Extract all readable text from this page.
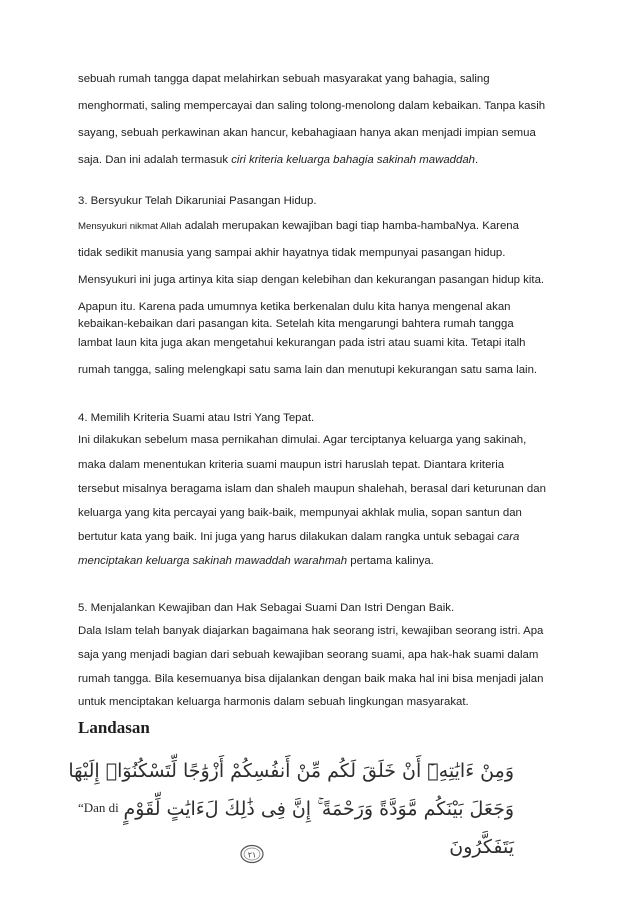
sebuah rumah tangga dapat melahirkan sebuah masyarakat yang bahagia, saling
menghormati, saling mempercayai dan saling tolong-menolong dalam kebaikan. Tanpa kasih
sayang, sebuah perkawinan akan hancur, kebahagiaan hanya akan menjadi impian semua
saja. Dan ini adalah termasuk ciri kriteria keluarga bahagia sakinah mawaddah.
3. Bersyukur Telah Dikaruniai Pasangan Hidup.
Mensyukuri nikmat Allah adalah merupakan kewajiban bagi tiap hamba-hambaNya. Karena
tidak sedikit manusia yang sampai akhir hayatnya tidak mempunyai pasangan hidup.
Mensyukuri ini juga artinya kita siap dengan kelebihan dan kekurangan pasangan hidup kita.
Apapun itu. Karena pada umumnya ketika berkenalan dulu kita hanya mengenal akan
kebaikan-kebaikan dari pasangan kita. Setelah kita mengarungi bahtera rumah tangga
lambat laun kita juga akan mengetahui kekurangan pada istri atau suami kita. Tetapi italh
rumah tangga, saling melengkapi satu sama lain dan menutupi kekurangan satu sama lain.
4. Memilih Kriteria Suami atau Istri Yang Tepat.
Ini dilakukan sebelum masa pernikahan dimulai. Agar terciptanya keluarga yang sakinah,
maka dalam menentukan kriteria suami maupun istri haruslah tepat. Diantara kriteria
tersebut misalnya beragama islam dan shaleh maupun shalehah, berasal dari keturunan dan
keluarga yang kita percayai yang baik-baik, mempunyai akhlak mulia, sopan santun dan
bertutur kata yang baik. Ini juga yang harus dilakukan dalam rangka untuk sebagai cara
menciptakan keluarga sakinah mawaddah warahmah pertama kalinya.
5. Menjalankan Kewajiban dan Hak Sebagai Suami Dan Istri Dengan Baik.
Dala Islam telah banyak diajarkan bagaimana hak seorang istri, kewajiban seorang istri. Apa
saja yang menjadi bagian dari sebuah kewajiban seorang suami, apa hak-hak suami dalam
rumah tangga. Bila kesemuanya bisa dijalankan dengan baik maka hal ini bisa menjadi jalan
untuk menciptakan keluarga harmonis dalam sebuah lingkungan masyarakat.
Landasan
“Dan di
وَمِنْ ءَايَٰتِهِۦٓ أَنْ خَلَقَ لَكُم مِّنْ أَنفُسِكُمْ أَزْوَٰجًا لِّتَسْكُنُوٓا۟ إِلَيْهَا
وَجَعَلَ بَيْنَكُم مَّوَدَّةً وَرَحْمَةً ۚ إِنَّ فِى ذَٰلِكَ لَءَايَٰتٍ لِّقَوْمٍ
يَتَفَكَّرُونَ
٢١
